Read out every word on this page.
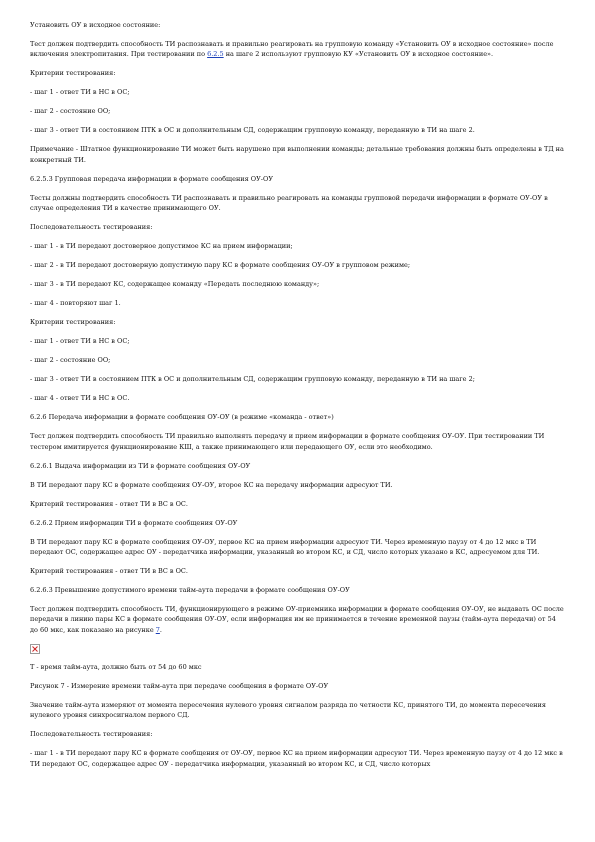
Установить ОУ в исходное состояние:
Тест должен подтвердить способность ТИ распознавать и правильно реагировать на групповую команду «Установить ОУ в исходное состояние» после включения электропитания. При тестировании по 6.2.5 на шаге 2 используют групповую КУ «Установить ОУ в исходное состояние».
Критерии тестирования:
- шаг 1 - ответ ТИ в НС в ОС;
- шаг 2 - состояние ОО;
- шаг 3 - ответ ТИ в состоянием ПТК в ОС и дополнительным СД, содержащим групповую команду, переданную в ТИ на шаге 2.
Примечание - Штатное функционирование ТИ может быть нарушено при выполнении команды; детальные требования должны быть определены в ТД на конкретный ТИ.
6.2.5.3 Групповая передача информации в формате сообщения ОУ-ОУ
Тесты должны подтвердить способность ТИ распознавать и правильно реагировать на команды групповой передачи информации в формате ОУ-ОУ в случае определения ТИ в качестве принимающего ОУ.
Последовательность тестирования:
- шаг 1 - в ТИ передают достоверное допустимое КС на прием информации;
- шаг 2 - в ТИ передают достоверную допустимую пару КС в формате сообщения ОУ-ОУ в групповом режиме;
- шаг 3 - в ТИ передают КС, содержащее команду «Передать последнюю команду»;
- шаг 4 - повторяют шаг 1.
Критерии тестирования:
- шаг 1 - ответ ТИ в НС в ОС;
- шаг 2 - состояние ОО;
- шаг 3 - ответ ТИ в состоянием ПТК в ОС и дополнительным СД, содержащим групповую команду, переданную в ТИ на шаге 2;
- шаг 4 - ответ ТИ в НС в ОС.
6.2.6 Передача информации в формате сообщения ОУ-ОУ (в режиме «команда - ответ»)
Тест должен подтвердить способность ТИ правильно выполнять передачу и прием информации в формате сообщения ОУ-ОУ. При тестировании ТИ тестером имитируется функционирование КШ, а также принимающего или передающего ОУ, если это необходимо.
6.2.6.1 Выдача информации из ТИ в формате сообщения ОУ-ОУ
В ТИ передают пару КС в формате сообщения ОУ-ОУ, второе КС на передачу информации адресуют ТИ.
Критерий тестирования - ответ ТИ в ВС в ОС.
6.2.6.2 Прием информации ТИ в формате сообщения ОУ-ОУ
В ТИ передают пару КС в формате сообщения ОУ-ОУ, первое КС на прием информации адресуют ТИ. Через временную паузу от 4 до 12 мкс в ТИ передают ОС, содержащее адрес ОУ - передатчика информации, указанный во втором КС, и СД, число которых указано в КС, адресуемом для ТИ.
Критерий тестирования - ответ ТИ в ВС в ОС.
6.2.6.3 Превышение допустимого времени тайм-аута передачи в формате сообщения ОУ-ОУ
Тест должен подтвердить способность ТИ, функционирующего в режиме ОУ-приемника информации в формате сообщения ОУ-ОУ, не выдавать ОС после передачи в линию пары КС в формате сообщения ОУ-ОУ, если информация им не принимается в течение временной паузы (тайм-аута передачи) от 54 до 60 мкс, как показано на рисунке 7.
Т - время тайм-аута, должно быть от 54 до 60 мкс
Рисунок 7 - Измерение времени тайм-аута при передаче сообщения в формате ОУ-ОУ
Значение тайм-аута измеряют от момента пересечения нулевого уровня сигналом разряда по четности КС, принятого ТИ, до момента пересечения нулевого уровня синхросигналом первого СД.
Последовательность тестирования:
- шаг 1 - в ТИ передают пару КС в формате сообщения от ОУ-ОУ, первое КС на прием информации адресуют ТИ. Через временную паузу от 4 до 12 мкс в ТИ передают ОС, содержащее адрес ОУ - передатчика информации, указанный во втором КС, и СД, число которых
